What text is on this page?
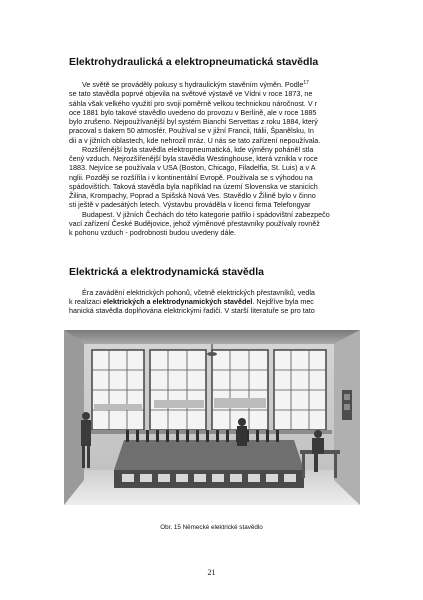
Elektrohydraulická a elektropneumatická stavědla
Ve světě se prováděly pokusy s hydraulickým stavěním výměn. Podle$^{17}$
se tato stavědla poprvé objevila na světové výstavě ve Vídni v roce 1873, ne
sáhla však velkého využití pro svoji poměrně velkou technickou náročnost. V r
oce 1881 bylo takové stavědlo uvedeno do provozu v Berlíně, ale v roce 1885
bylo zrušeno. Nejpoužívanější byl systém Bianchi Servettas z roku 1884, který
pracoval s tlakem 50 atmosfér. Používal se v jižní Francii, Itálii, Španělsku, In
dii a v jižních oblastech, kde nehrozil mráz. U nás se tato zařízení nepoužívala.
Rozšířenější byla stavědla elektropneumatická, kde výměny poháněl stla
čený vzduch. Nejrozšířenější byla stavědla Westinghouse, která vznikla v roce
1883. Nejvíce se používala v USA (Boston, Chicago, Filadelfia, St. Luis) a v A
nglii. Později se rozšířila i v kontinentální Evropě. Používala se s výhodou na
spádovištích. Taková stavědla byla například na území Slovenska ve stanicích
Žilina, Krompachy, Poprad a Spišská Nová Ves. Stavědlo v Žilině bylo v činno
sti ještě v padesátých letech. Výstavbu prováděla v licenci firma Telefongyar
Budapest. V jižních Čechách do této kategorie patřilo i spádovištní zabezpečo
vací zařízení České Budějovice, jehož výměnové přestavníky používaly rovněž
k pohonu vzduch - podrobnosti budou uvedeny dále.
Elektrická a elektrodynamická stavědla
Éra zavádění elektrických pohonů, včetně elektrických přestavníků, vedla
k realizaci elektrických a elektrodynamických stavědel. Nejdříve byla mec
hanická stavědla doplňována elektrickými řadiči. V starší literatuře se pro tato
Obr. 15 Německé elektrické stavědlo
21
